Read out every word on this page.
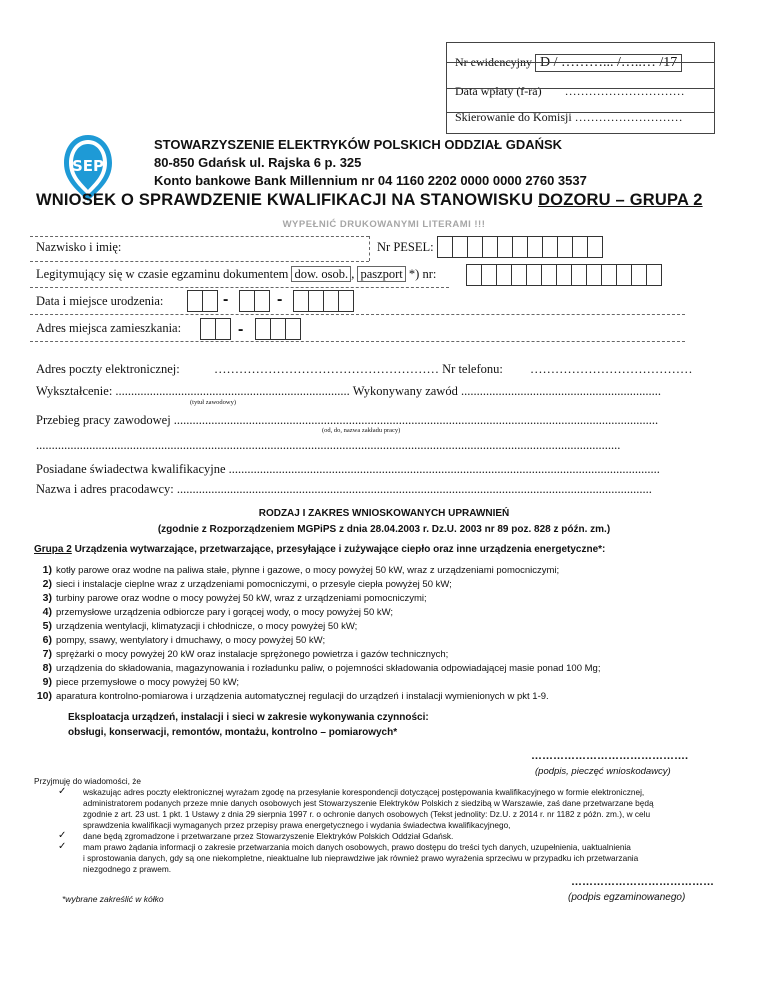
Nr ewidencyjny D / ………... /…..… /17
Data wpłaty (f-ra) …………………………
Skierowanie do Komisji ………………………
SEP
STOWARZYSZENIE ELEKTRYKÓW POLSKICH ODDZIAŁ GDAŃSK
80-850 Gdańsk ul. Rajska 6 p. 325
Konto bankowe Bank Millennium nr 04 1160 2202 0000 0000 2760 3537
WNIOSEK O SPRAWDZENIE KWALIFIKACJI NA STANOWISKU DOZORU – GRUPA 2
WYPEŁNIĆ DRUKOWANYMI LITERAMI !!!
Nazwisko i imię:	Nr PESEL:
Legitymujący się w czasie egzaminu dokumentem dow. osob. , paszport *) nr:
Data i miejsce urodzenia:	-	-
Adres miejsca zamieszkania:	-
Adres poczty elektronicznej:	……………………………………………… Nr telefonu: …………………………………
Wykształcenie: ........................................................................... Wykonywany zawód ................................................................
(tytuł zawodowy)
Przebieg pracy zawodowej ...........................................................................................................................................................
(od, do, nazwa zakładu pracy)
...........................................................................................................................................................................................
Posiadane świadectwa kwalifikacyjne ..........................................................................................................................................
Nazwa i adres pracodawcy: ........................................................................................................................................................
RODZAJ I ZAKRES WNIOSKOWANYCH UPRAWNIEŃ
(zgodnie z Rozporządzeniem MGPiPS z dnia 28.04.2003 r. Dz.U. 2003 nr 89 poz. 828 z późn. zm.)
Grupa 2 Urządzenia wytwarzające, przetwarzające, przesyłające i zużywające ciepło oraz inne urządzenia energetyczne*:
1) kotły parowe oraz wodne na paliwa stałe, płynne i gazowe, o mocy powyżej 50 kW, wraz z urządzeniami pomocniczymi;
2) sieci i instalacje cieplne wraz z urządzeniami pomocniczymi, o przesyle ciepła powyżej 50 kW;
3) turbiny parowe oraz wodne o mocy powyżej 50 kW, wraz z urządzeniami pomocniczymi;
4) przemysłowe urządzenia odbiorcze pary i gorącej wody, o mocy powyżej 50 kW;
5) urządzenia wentylacji, klimatyzacji i chłodnicze, o mocy powyżej 50 kW;
6) pompy, ssawy, wentylatory i dmuchawy, o mocy powyżej 50 kW;
7) sprężarki o mocy powyżej 20 kW oraz instalacje sprężonego powietrza i gazów technicznych;
8) urządzenia do składowania, magazynowania i rozładunku paliw, o pojemności składowania odpowiadającej masie ponad 100 Mg;
9) piece przemysłowe o mocy powyżej 50 kW;
10) aparatura kontrolno-pomiarowa i urządzenia automatycznej regulacji do urządzeń i instalacji wymienionych w pkt 1-9.
Eksploatacja urządzeń, instalacji i sieci w zakresie wykonywania czynności:
obsługi, konserwacji, remontów, montażu, kontrolno – pomiarowych*
…………………………………….
(podpis, pieczęć wnioskodawcy)
Przyjmuję do wiadomości, że
✓ wskazując adres poczty elektronicznej wyrażam zgodę na przesyłanie korespondencji dotyczącej postępowania kwalifikacyjnego w formie elektronicznej,
administratorem podanych przeze mnie danych osobowych jest Stowarzyszenie Elektryków Polskich z siedzibą w Warszawie, zaś dane przetwarzane będą
zgodnie z art. 23 ust. 1 pkt. 1 Ustawy z dnia 29 sierpnia 1997 r. o ochronie danych osobowych (Tekst jednolity: Dz.U. z 2014 r. nr 1182 z późn. zm.), w celu
sprawdzenia kwalifikacji wymaganych przez przepisy prawa energetycznego i wydania świadectwa kwalifikacyjnego,
✓ dane będą zgromadzone i przetwarzane przez Stowarzyszenie Elektryków Polskich Oddział Gdańsk.
✓ mam prawo żądania informacji o zakresie przetwarzania moich danych osobowych, prawo dostępu do treści tych danych, uzupełnienia, uaktualnienia
i sprostowania danych, gdy są one niekompletne, nieaktualne lub nieprawdziwe jak również prawo wyrażenia sprzeciwu w przypadku ich przetwarzania
niezgodnego z prawem.
*wybrane zakreślić w kółko
…………………………………
(podpis egzaminowanego)
